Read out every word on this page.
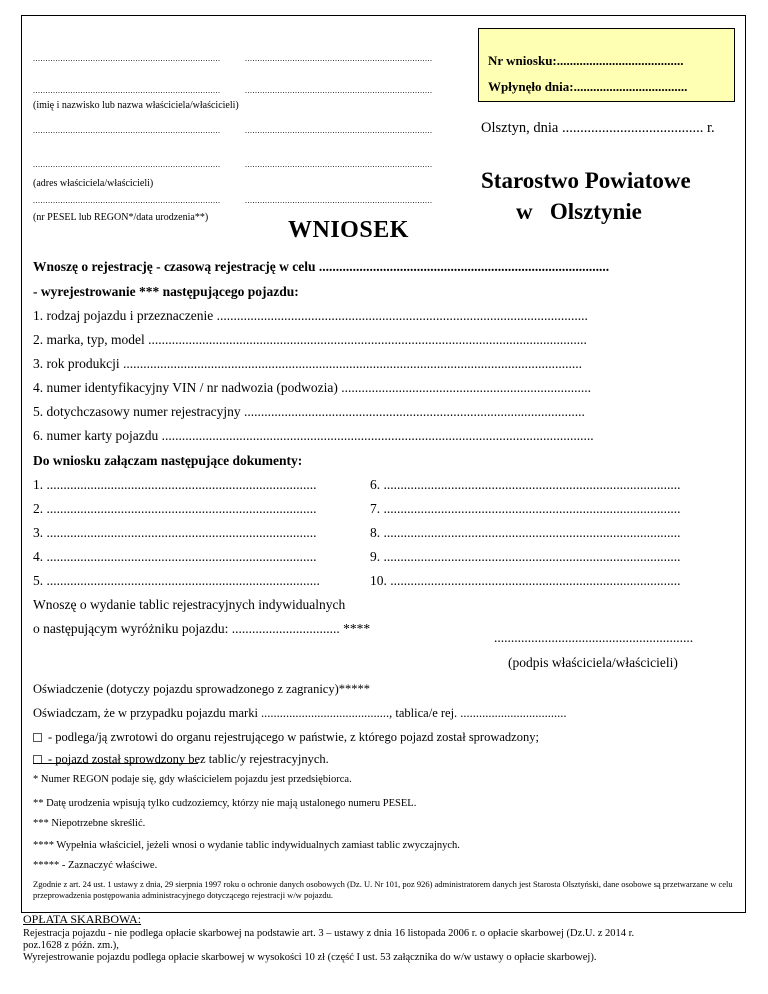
...........................................................................	...........................................................................
...........................................................................	...........................................................................
(imię i nazwisko lub nazwa właściciela/właścicieli)
...........................................................................	...........................................................................
...........................................................................	...........................................................................
(adres właściciela/właścicieli)
...........................................................................	...........................................................................
(nr PESEL lub REGON*/data urodzenia**)
Nr wniosku:.......................................
Wpłynęło dnia:...................................
Olsztyn, dnia ....................................... r.
Starostwo Powiatowe
w   Olsztynie
WNIOSEK
Wnoszę o rejestrację - czasową rejestrację w celu ......................................................................................
- wyrejestrowanie *** następującego pojazdu:
1. rodzaj pojazdu i przeznaczenie ..............................................................................................................
2. marka, typ, model ..................................................................................................................................
3. rok produkcji ........................................................................................................................................
4. numer identyfikacyjny VIN / nr nadwozia (podwozia) ..........................................................................
5. dotychczasowy numer rejestracyjny .....................................................................................................
6. numer karty pojazdu ................................................................................................................................
Do wniosku załączam następujące dokumenty:
1. ................................................................................
2. ................................................................................
3. ................................................................................
4. ................................................................................
5. .................................................................................
6. ........................................................................................
7. ........................................................................................
8. ........................................................................................
9. ........................................................................................
10. ......................................................................................
Wnoszę o wydanie tablic rejestracyjnych indywidualnych
o następującym wyróżniku pojazdu: ................................ ****
...........................................................
(podpis właściciela/właścicieli)
Oświadczenie (dotyczy pojazdu sprowadzonego z zagranicy)*****
Oświadczam, że w przypadku pojazdu marki ........................................., tablica/e rej. ..................................
- podlega/ją zwrotowi do organu rejestrującego w państwie, z którego pojazd został sprowadzony;
- pojazd został sprowdzony bez tablic/y rejestracyjnych.
* Numer REGON podaje się, gdy właścicielem pojazdu jest przedsiębiorca.
** Datę urodzenia wpisują tylko cudzoziemcy, którzy nie mają ustalonego numeru PESEL.
*** Niepotrzebne skreślić.
**** Wypełnia właściciel, jeżeli wnosi o wydanie tablic indywidualnych zamiast tablic zwyczajnych.
***** - Zaznaczyć właściwe.
Zgodnie z art. 24 ust. 1 ustawy z dnia, 29 sierpnia 1997 roku o ochronie danych osobowych (Dz. U. Nr 101, poz 926) administratorem danych jest Starosta Olsztyński, dane osobowe są przetwarzane w celu przeprowadzenia postępowania administracyjnego dotyczącego rejestracji w/w pojazdu.
OPŁATA SKARBOWA:
Rejestracja pojazdu - nie podlega opłacie skarbowej na podstawie art. 3 – ustawy z dnia 16 listopada 2006 r. o opłacie skarbowej (Dz.U. z 2014 r.
poz.1628 z późn. zm.),
Wyrejestrowanie pojazdu podlega opłacie skarbowej w wysokości 10 zł (część I ust. 53 załącznika do w/w ustawy o opłacie skarbowej).
